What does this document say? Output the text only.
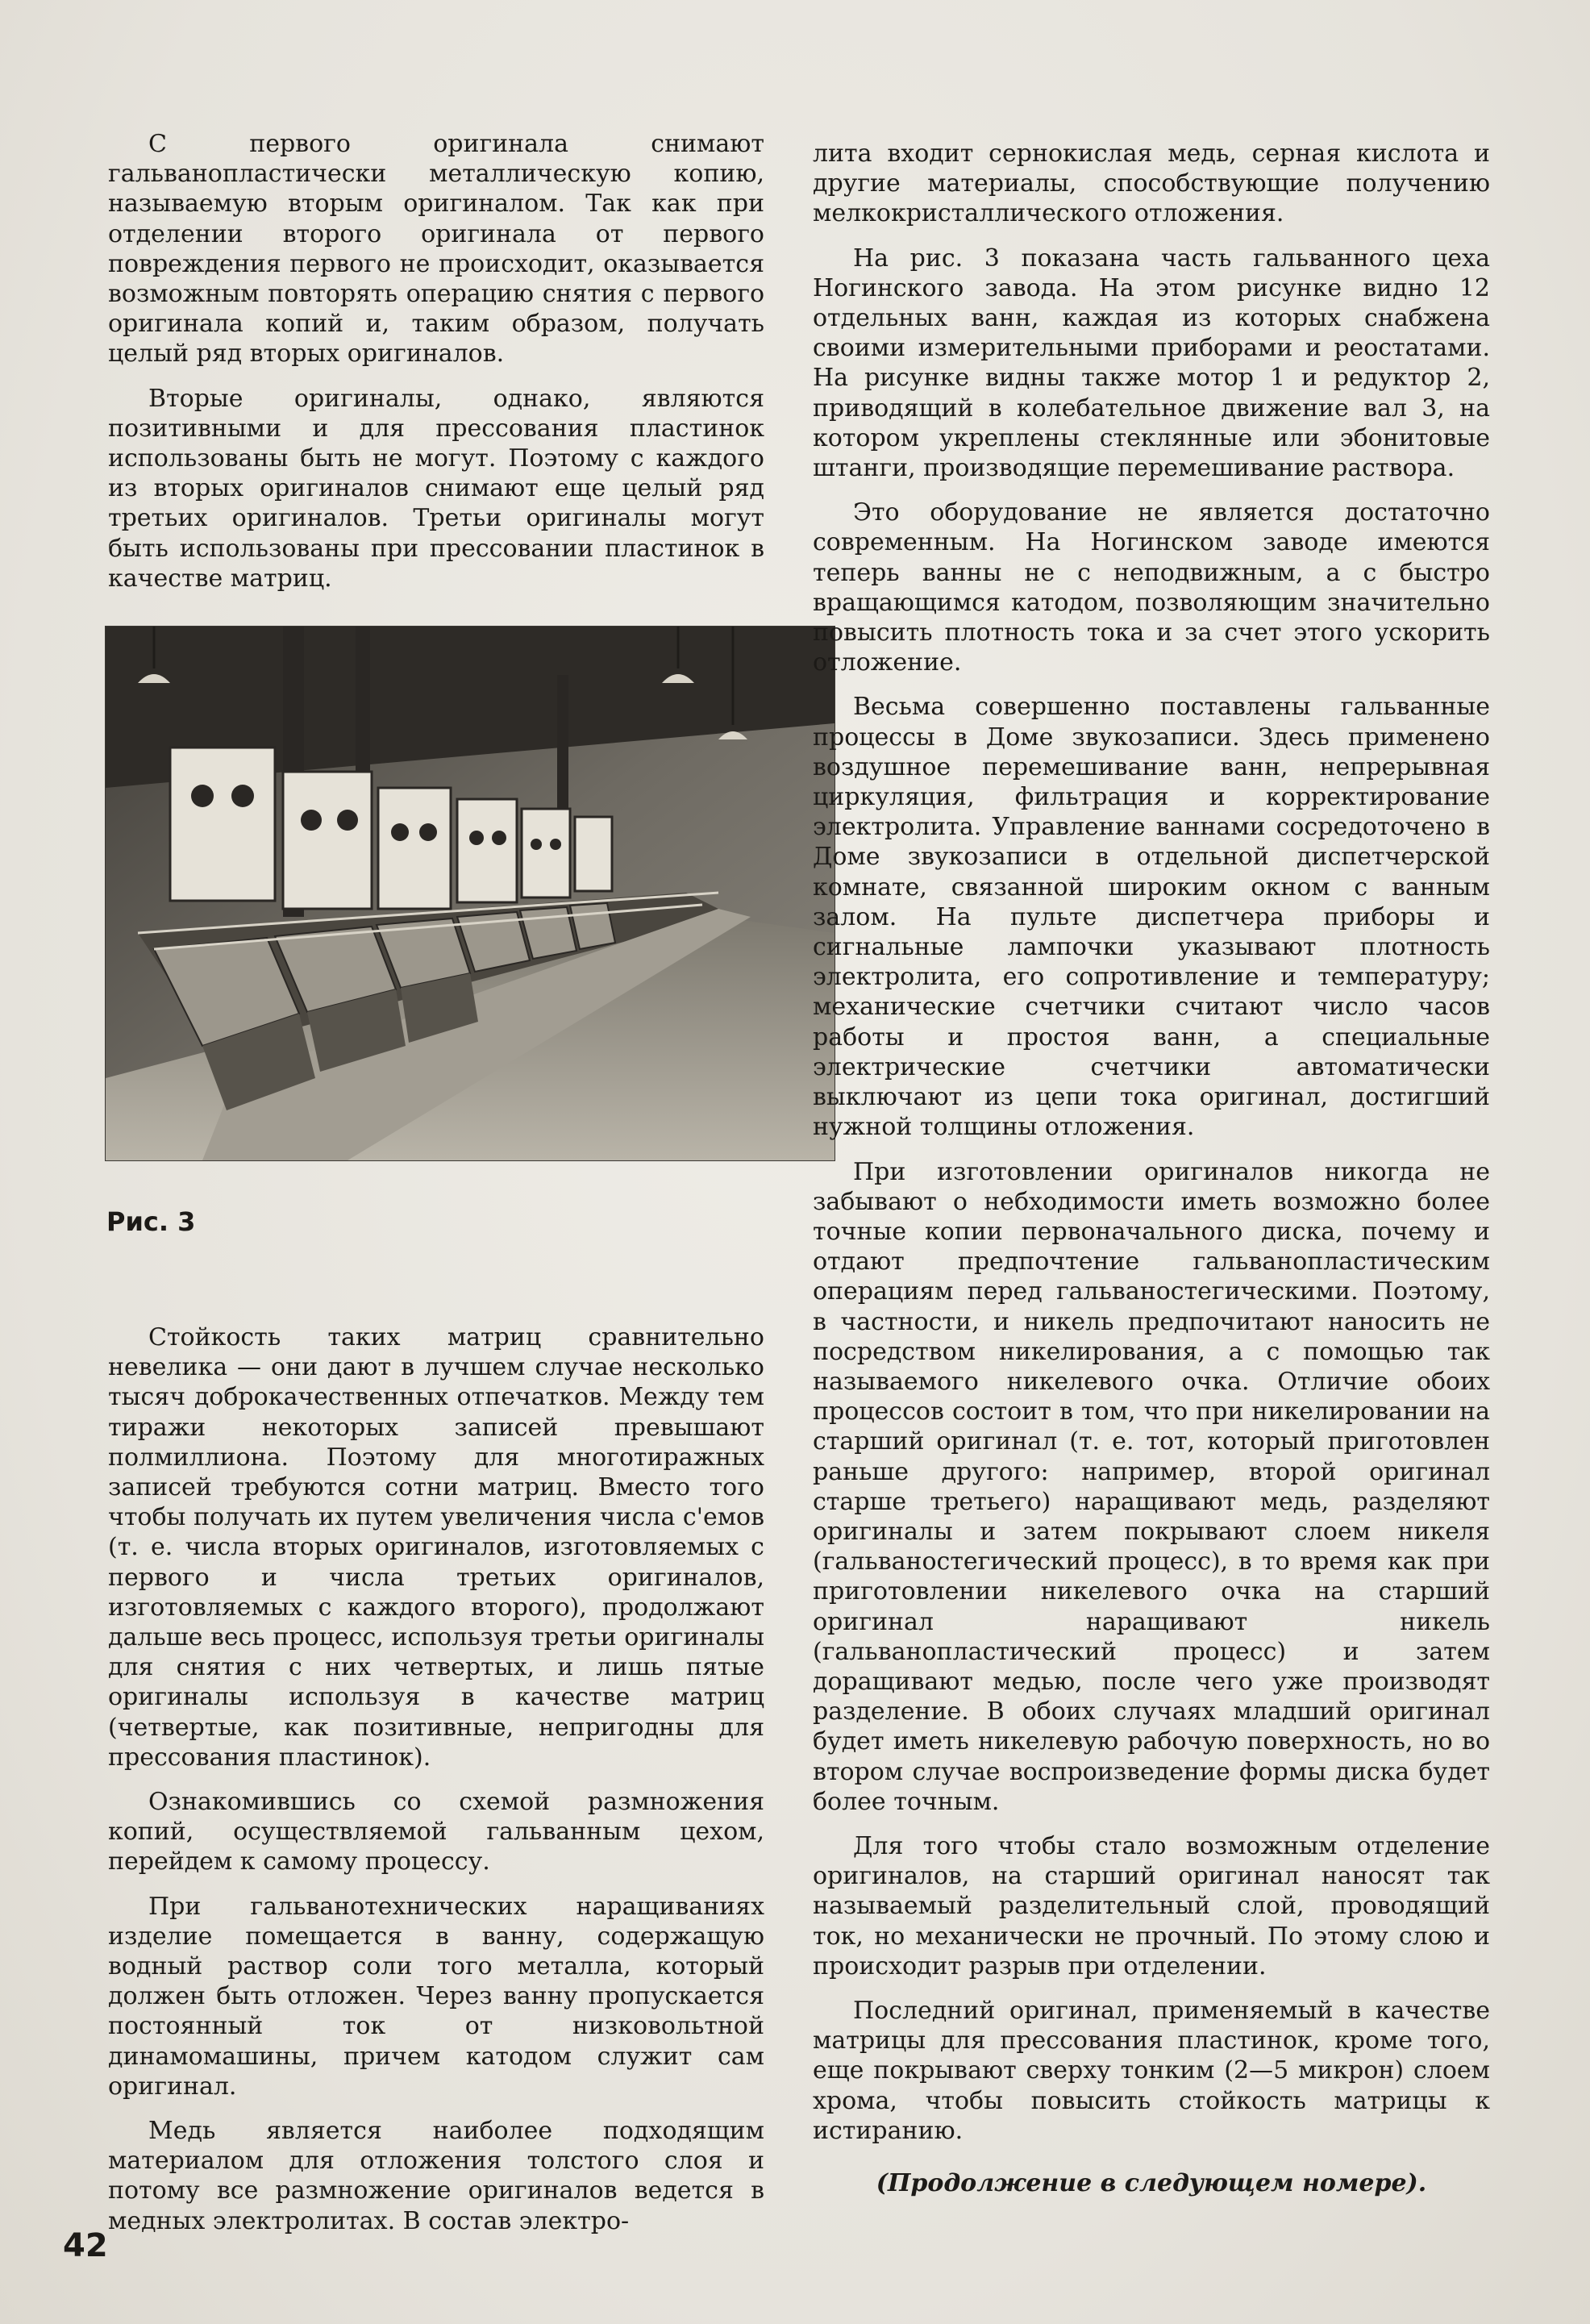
С первого оригинала снимают гальванопластически металлическую копию, называемую вторым оригиналом. Так как при отделении второго оригинала от первого повреждения первого не происходит, оказывается возможным повторять операцию снятия с первого оригинала копий и, таким образом, получать целый ряд вторых оригиналов.

Вторые оригиналы, однако, являются позитивными и для прессования пластинок использованы быть не могут. Поэтому с каждого из вторых оригиналов снимают еще целый ряд третьих оригиналов. Третьи оригиналы могут быть использованы при прессовании пластинок в качестве матриц.

Рис. 3

Стойкость таких матриц сравнительно невелика — они дают в лучшем случае несколько тысяч доброкачественных отпечатков. Между тем тиражи некоторых записей превышают полмиллиона. Поэтому для многотиражных записей требуются сотни матриц. Вместо того чтобы получать их путем увеличения числа с'емов (т. е. числа вторых оригиналов, изготовляемых с первого и числа третьих оригиналов, изготовляемых с каждого второго), продолжают дальше весь процесс, используя третьи оригиналы для снятия с них четвертых, и лишь пятые оригиналы используя в качестве матриц (четвертые, как позитивные, непригодны для прессования пластинок).

Ознакомившись со схемой размножения копий, осуществляемой гальванным цехом, перейдем к самому процессу.

При гальванотехнических наращиваниях изделие помещается в ванну, содержащую водный раствор соли того металла, который должен быть отложен. Через ванну пропускается постоянный ток от низковольтной динамомашины, причем катодом служит сам оригинал.

Медь является наиболее подходящим материалом для отложения толстого слоя и потому все размножение оригиналов ведется в медных электролитах. В состав электро-

лита входит сернокислая медь, серная кислота и другие материалы, способствующие получению мелкокристаллического отложения.

На рис. 3 показана часть гальванного цеха Ногинского завода. На этом рисунке видно 12 отдельных ванн, каждая из которых снабжена своими измерительными приборами и реостатами. На рисунке видны также мотор 1 и редуктор 2, приводящий в колебательное движение вал 3, на котором укреплены стеклянные или эбонитовые штанги, производящие перемешивание раствора.

Это оборудование не является достаточно современным. На Ногинском заводе имеются теперь ванны не с неподвижным, а с быстро вращающимся катодом, позволяющим значительно повысить плотность тока и за счет этого ускорить отложение.

Весьма совершенно поставлены гальванные процессы в Доме звукозаписи. Здесь применено воздушное перемешивание ванн, непрерывная циркуляция, фильтрация и корректирование электролита. Управление ваннами сосредоточено в Доме звукозаписи в отдельной диспетчерской комнате, связанной широким окном с ванным залом. На пульте диспетчера приборы и сигнальные лампочки указывают плотность электролита, его сопротивление и температуру; механические счетчики считают число часов работы и простоя ванн, а специальные электрические счетчики автоматически выключают из цепи тока оригинал, достигший нужной толщины отложения.

При изготовлении оригиналов никогда не забывают о небходимости иметь возможно более точные копии первоначального диска, почему и отдают предпочтение гальванопластическим операциям перед гальваностегическими. Поэтому, в частности, и никель предпочитают наносить не посредством никелирования, а с помощью так называемого никелевого очка. Отличие обоих процессов состоит в том, что при никелировании на старший оригинал (т. е. тот, который приготовлен раньше другого: например, второй оригинал старше третьего) наращивают медь, разделяют оригиналы и затем покрывают слоем никеля (гальваностегический процесс), в то время как при приготовлении никелевого очка на старший оригинал наращивают никель (гальванопластический процесс) и затем доращивают медью, после чего уже производят разделение. В обоих случаях младший оригинал будет иметь никелевую рабочую поверхность, но во втором случае воспроизведение формы диска будет более точным.

Для того чтобы стало возможным отделение оригиналов, на старший оригинал наносят так называемый разделительный слой, проводящий ток, но механически не прочный. По этому слою и происходит разрыв при отделении.

Последний оригинал, применяемый в качестве матрицы для прессования пластинок, кроме того, еще покрывают сверху тонким (2—5 микрон) слоем хрома, чтобы повысить стойкость матрицы к истиранию.

(Продолжение в следующем номере).
42
